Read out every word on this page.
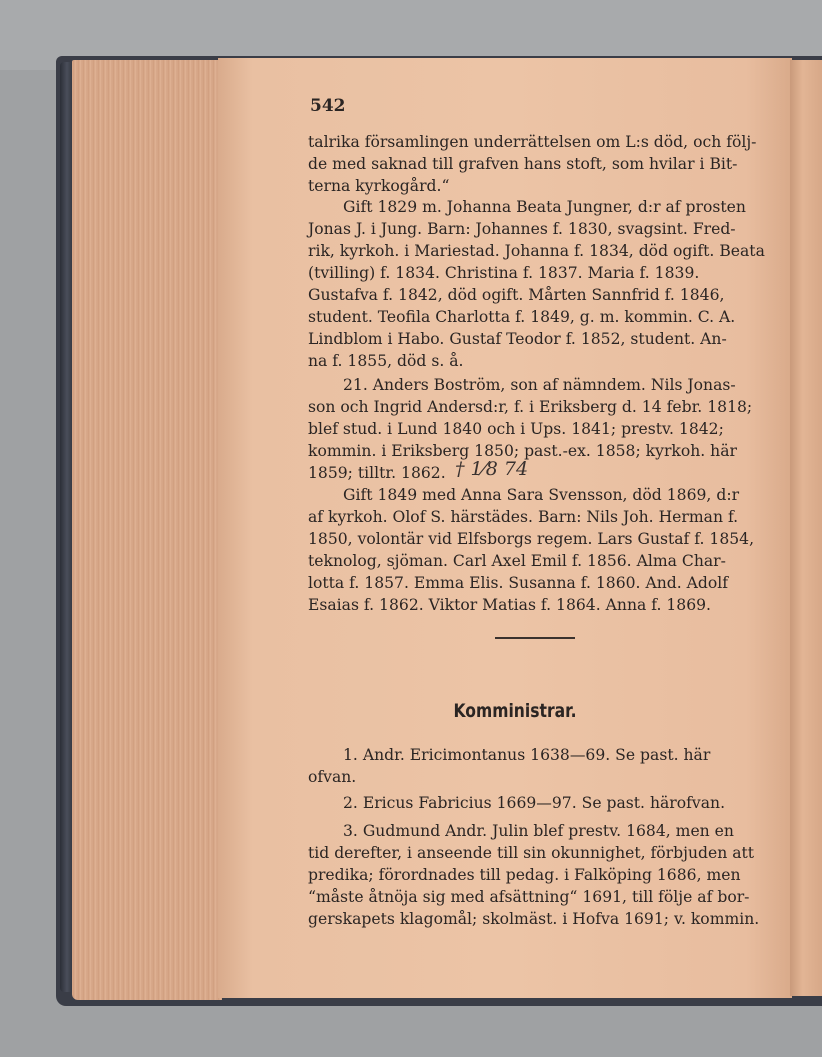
542
talrika församlingen underrättelsen om L:s död, och följ-
de med saknad till grafven hans stoft, som hvilar i Bit-
terna kyrkogård.“
Gift 1829 m. Johanna Beata Jungner, d:r af prosten
Jonas J. i Jung. Barn: Johannes f. 1830, svagsint. Fred-
rik, kyrkoh. i Mariestad. Johanna f. 1834, död ogift. Beata
(tvilling) f. 1834. Christina f. 1837. Maria f. 1839.
Gustafva f. 1842, död ogift. Mårten Sannfrid f. 1846,
student. Teofila Charlotta f. 1849, g. m. kommin. C. A.
Lindblom i Habo. Gustaf Teodor f. 1852, student. An-
na f. 1855, död s. å.
21. Anders Boström, son af nämndem. Nils Jonas-
son och Ingrid Andersd:r, f. i Eriksberg d. 14 febr. 1818;
blef stud. i Lund 1840 och i Ups. 1841; prestv. 1842;
kommin. i Eriksberg 1850; past.-ex. 1858; kyrkoh. här
1859; tilltr. 1862. † 1⁄8 74
Gift 1849 med Anna Sara Svensson, död 1869, d:r
af kyrkoh. Olof S. härstädes. Barn: Nils Joh. Herman f.
1850, volontär vid Elfsborgs regem. Lars Gustaf f. 1854,
teknolog, sjöman. Carl Axel Emil f. 1856. Alma Char-
lotta f. 1857. Emma Elis. Susanna f. 1860. And. Adolf
Esaias f. 1862. Viktor Matias f. 1864. Anna f. 1869.
Komministrar.
1. Andr. Ericimontanus 1638—69. Se past. här
ofvan.
2. Ericus Fabricius 1669—97. Se past. härofvan.
3. Gudmund Andr. Julin blef prestv. 1684, men en
tid derefter, i anseende till sin okunnighet, förbjuden att
predika; förordnades till pedag. i Falköping 1686, men
“måste åtnöja sig med afsättning“ 1691, till följe af bor-
gerskapets klagomål; skolmäst. i Hofva 1691; v. kommin.
